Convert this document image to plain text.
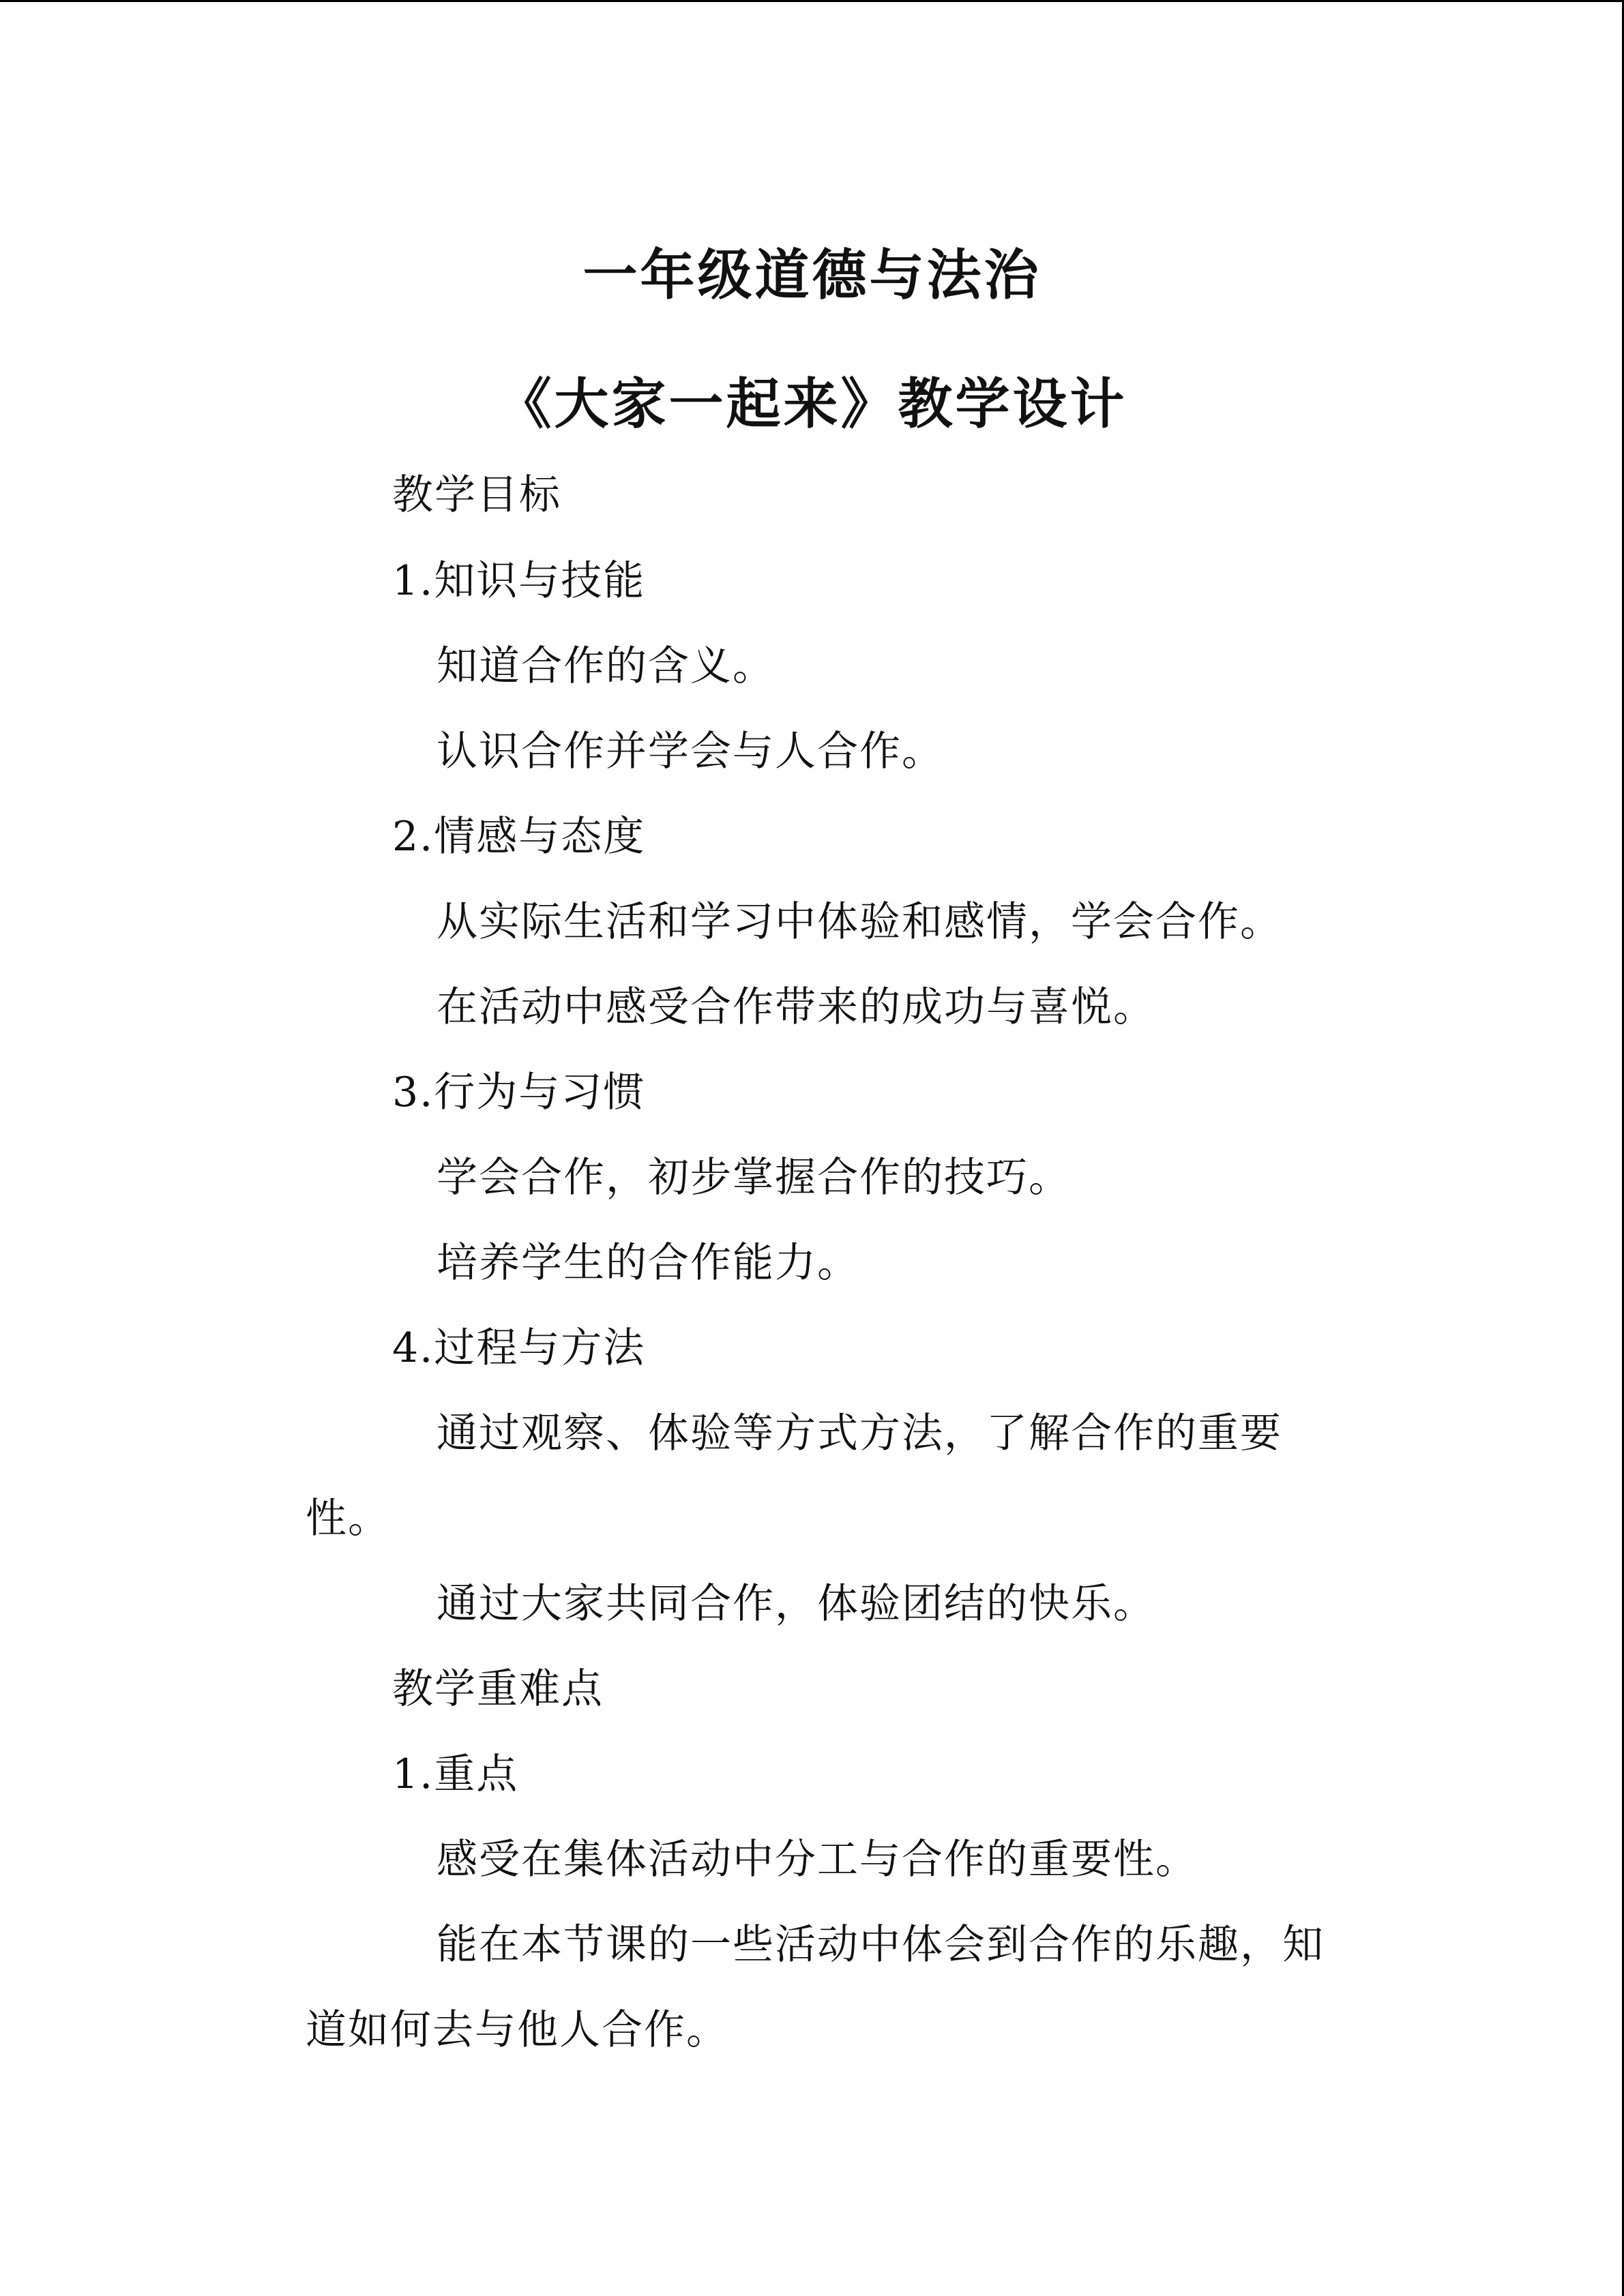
一年级道德与法治
《大家一起来》教学设计
教学目标
1.知识与技能
知道合作的含义。
认识合作并学会与人合作。
2.情感与态度
从实际生活和学习中体验和感情，学会合作。
在活动中感受合作带来的成功与喜悦。
3.行为与习惯
学会合作，初步掌握合作的技巧。
培养学生的合作能力。
4.过程与方法
通过观察、体验等方式方法，了解合作的重要
性。
通过大家共同合作，体验团结的快乐。
教学重难点
1.重点
感受在集体活动中分工与合作的重要性。
能在本节课的一些活动中体会到合作的乐趣，知
道如何去与他人合作。
